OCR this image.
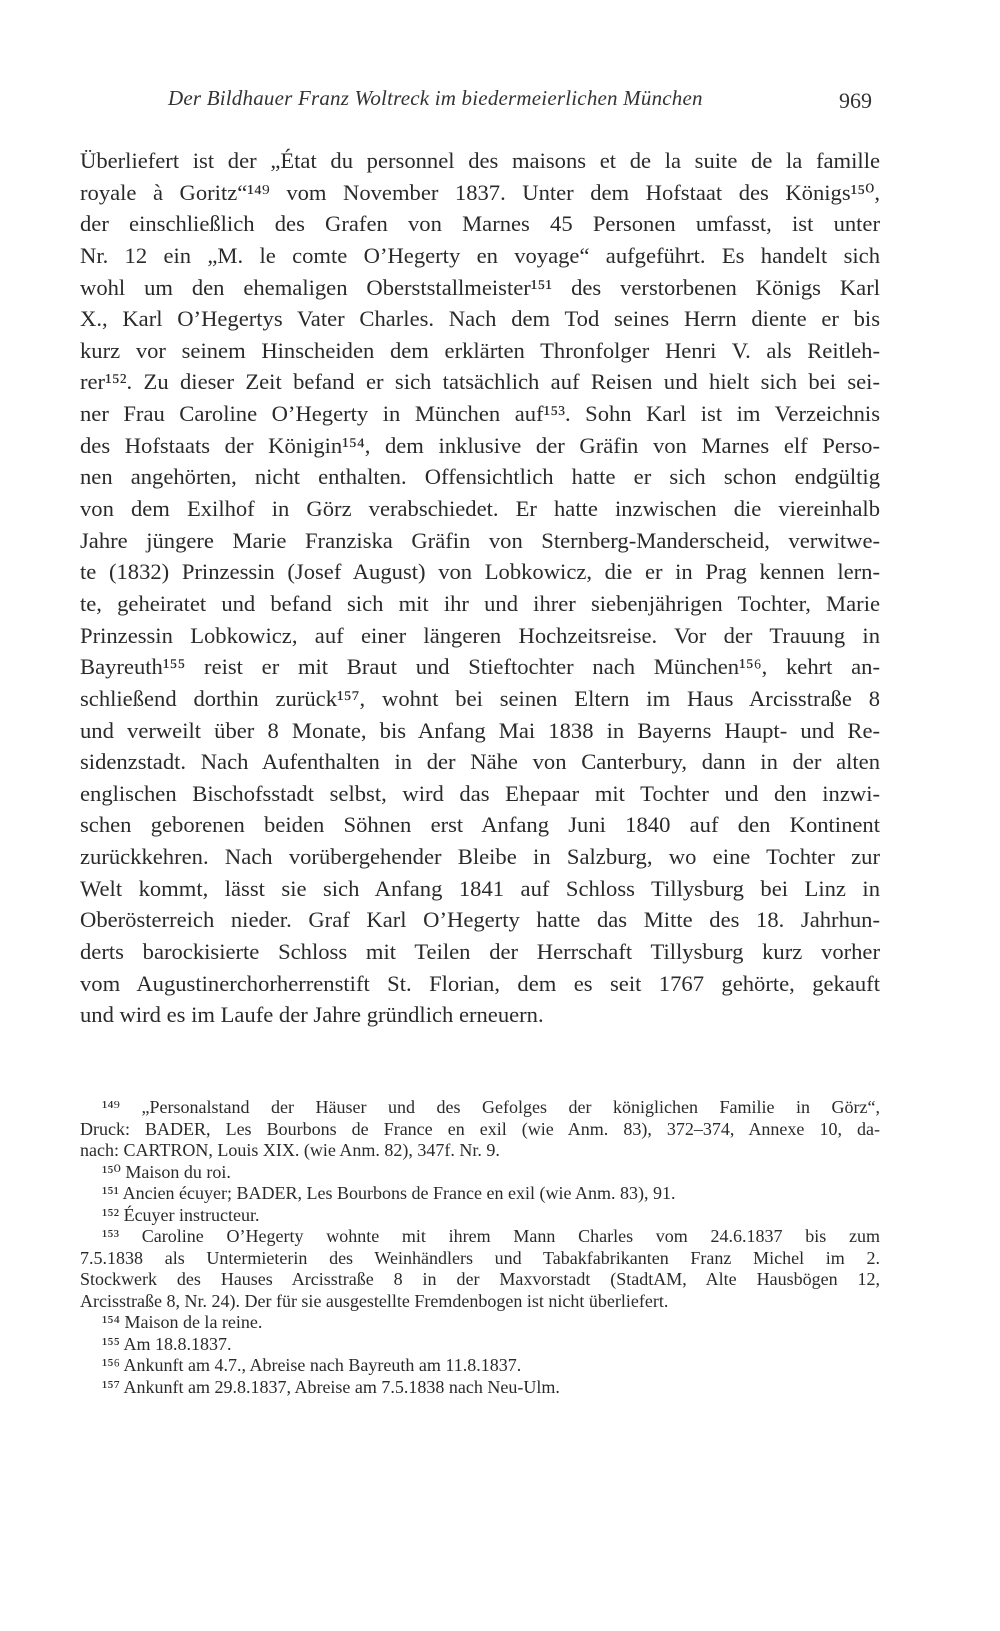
Der Bildhauer Franz Woltreck im biedermeierlichen München	969
Überliefert ist der „État du personnel des maisons et de la suite de la famille
royale à Goritz“¹⁴⁹ vom November 1837. Unter dem Hofstaat des Königs¹⁵⁰,
der einschließlich des Grafen von Marnes 45 Personen umfasst, ist unter
Nr. 12 ein „M. le comte O’Hegerty en voyage“ aufgeführt. Es handelt sich
wohl um den ehemaligen Oberststallmeister¹⁵¹ des verstorbenen Königs Karl
X., Karl O’Hegertys Vater Charles. Nach dem Tod seines Herrn diente er bis
kurz vor seinem Hinscheiden dem erklärten Thronfolger Henri V. als Reitleh-
rer¹⁵². Zu dieser Zeit befand er sich tatsächlich auf Reisen und hielt sich bei sei-
ner Frau Caroline O’Hegerty in München auf¹⁵³. Sohn Karl ist im Verzeichnis
des Hofstaats der Königin¹⁵⁴, dem inklusive der Gräfin von Marnes elf Perso-
nen angehörten, nicht enthalten. Offensichtlich hatte er sich schon endgültig
von dem Exilhof in Görz verabschiedet. Er hatte inzwischen die viereinhalb
Jahre jüngere Marie Franziska Gräfin von Sternberg-Manderscheid, verwitwe-
te (1832) Prinzessin (Josef August) von Lobkowicz, die er in Prag kennen lern-
te, geheiratet und befand sich mit ihr und ihrer siebenjährigen Tochter, Marie
Prinzessin Lobkowicz, auf einer längeren Hochzeitsreise. Vor der Trauung in
Bayreuth¹⁵⁵ reist er mit Braut und Stieftochter nach München¹⁵⁶, kehrt an-
schließend dorthin zurück¹⁵⁷, wohnt bei seinen Eltern im Haus Arcisstraße 8
und verweilt über 8 Monate, bis Anfang Mai 1838 in Bayerns Haupt- und Re-
sidenzstadt. Nach Aufenthalten in der Nähe von Canterbury, dann in der alten
englischen Bischofsstadt selbst, wird das Ehepaar mit Tochter und den inzwi-
schen geborenen beiden Söhnen erst Anfang Juni 1840 auf den Kontinent
zurückkehren. Nach vorübergehender Bleibe in Salzburg, wo eine Tochter zur
Welt kommt, lässt sie sich Anfang 1841 auf Schloss Tillysburg bei Linz in
Oberösterreich nieder. Graf Karl O’Hegerty hatte das Mitte des 18. Jahrhun-
derts barockisierte Schloss mit Teilen der Herrschaft Tillysburg kurz vorher
vom Augustinerchorherrenstift St. Florian, dem es seit 1767 gehörte, gekauft
und wird es im Laufe der Jahre gründlich erneuern.
¹⁴⁹ „Personalstand der Häuser und des Gefolges der königlichen Familie in Görz“,
Druck: BADER, Les Bourbons de France en exil (wie Anm. 83), 372–374, Annexe 10, da-
nach: CARTRON, Louis XIX. (wie Anm. 82), 347f. Nr. 9.
¹⁵⁰ Maison du roi.
¹⁵¹ Ancien écuyer; BADER, Les Bourbons de France en exil (wie Anm. 83), 91.
¹⁵² Écuyer instructeur.
¹⁵³ Caroline O’Hegerty wohnte mit ihrem Mann Charles vom 24.6.1837 bis zum
7.5.1838 als Untermieterin des Weinhändlers und Tabakfabrikanten Franz Michel im 2.
Stockwerk des Hauses Arcisstraße 8 in der Maxvorstadt (StadtAM, Alte Hausbögen 12,
Arcisstraße 8, Nr. 24). Der für sie ausgestellte Fremdenbogen ist nicht überliefert.
¹⁵⁴ Maison de la reine.
¹⁵⁵ Am 18.8.1837.
¹⁵⁶ Ankunft am 4.7., Abreise nach Bayreuth am 11.8.1837.
¹⁵⁷ Ankunft am 29.8.1837, Abreise am 7.5.1838 nach Neu-Ulm.
